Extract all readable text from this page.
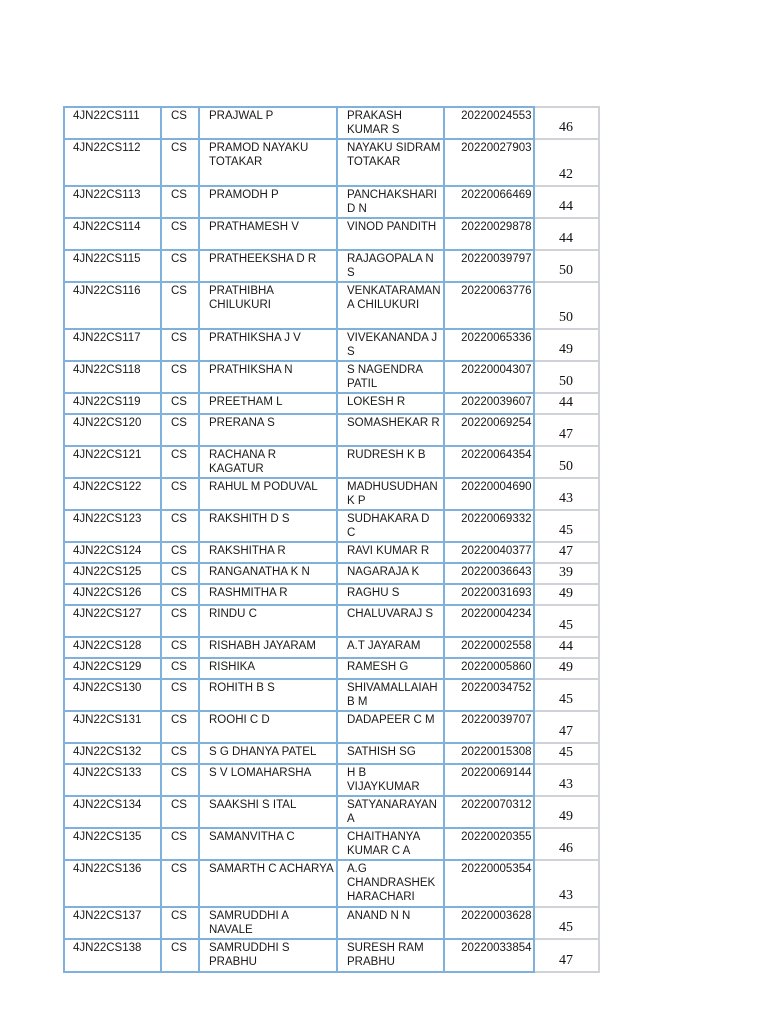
4JN22CS111	CS	PRAJWAL P	PRAKASH KUMAR S	20220024553	46
4JN22CS112	CS	PRAMOD NAYAKU TOTAKAR	NAYAKU SIDRAM TOTAKAR	20220027903	42
4JN22CS113	CS	PRAMODH P	PANCHAKSHARI D N	20220066469	44
4JN22CS114	CS	PRATHAMESH V	VINOD PANDITH	20220029878	44
4JN22CS115	CS	PRATHEEKSHA D R	RAJAGOPALA N S	20220039797	50
4JN22CS116	CS	PRATHIBHA CHILUKURI	VENKATARAMAN A CHILUKURI	20220063776	50
4JN22CS117	CS	PRATHIKSHA J V	VIVEKANANDA J S	20220065336	49
4JN22CS118	CS	PRATHIKSHA N	S NAGENDRA PATIL	20220004307	50
4JN22CS119	CS	PREETHAM L	LOKESH R	20220039607	44
4JN22CS120	CS	PRERANA S	SOMASHEKAR R	20220069254	47
4JN22CS121	CS	RACHANA R KAGATUR	RUDRESH K B	20220064354	50
4JN22CS122	CS	RAHUL M PODUVAL	MADHUSUDHAN K P	20220004690	43
4JN22CS123	CS	RAKSHITH D S	SUDHAKARA D C	20220069332	45
4JN22CS124	CS	RAKSHITHA R	RAVI KUMAR R	20220040377	47
4JN22CS125	CS	RANGANATHA K N	NAGARAJA K	20220036643	39
4JN22CS126	CS	RASHMITHA R	RAGHU S	20220031693	49
4JN22CS127	CS	RINDU C	CHALUVARAJ S	20220004234	45
4JN22CS128	CS	RISHABH JAYARAM	A.T JAYARAM	20220002558	44
4JN22CS129	CS	RISHIKA	RAMESH G	20220005860	49
4JN22CS130	CS	ROHITH B S	SHIVAMALLAIAH B M	20220034752	45
4JN22CS131	CS	ROOHI C D	DADAPEER C M	20220039707	47
4JN22CS132	CS	S G DHANYA PATEL	SATHISH SG	20220015308	45
4JN22CS133	CS	S V LOMAHARSHA	H B VIJAYKUMAR	20220069144	43
4JN22CS134	CS	SAAKSHI S ITAL	SATYANARAYAN A	20220070312	49
4JN22CS135	CS	SAMANVITHA C	CHAITHANYA KUMAR C A	20220020355	46
4JN22CS136	CS	SAMARTH C ACHARYA	A.G CHANDRASHEK HARACHARI	20220005354	43
4JN22CS137	CS	SAMRUDDHI A NAVALE	ANAND N N	20220003628	45
4JN22CS138	CS	SAMRUDDHI S PRABHU	SURESH RAM PRABHU	20220033854	47
